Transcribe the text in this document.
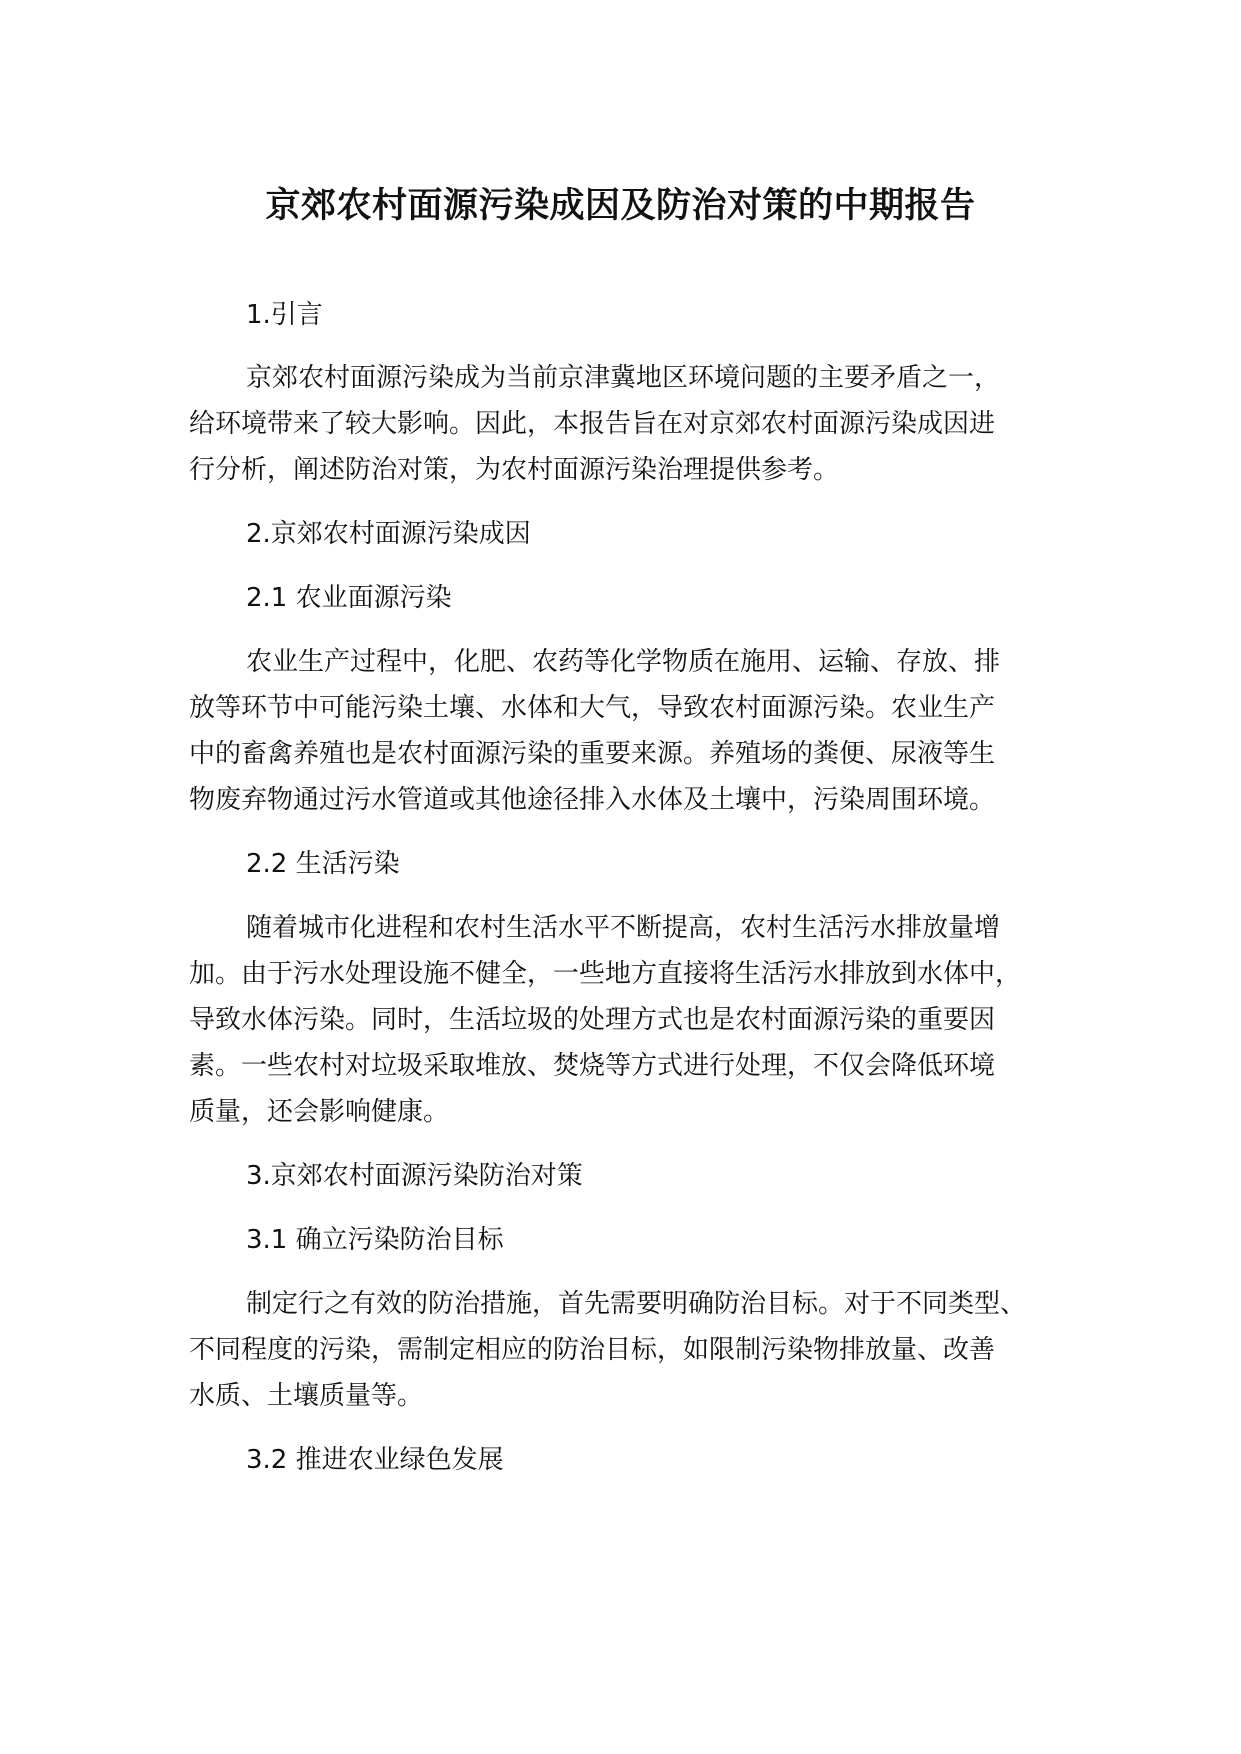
京郊农村面源污染成因及防治对策的中期报告

1.引言

京郊农村面源污染成为当前京津冀地区环境问题的主要矛盾之一，

给环境带来了较大影响。因此，本报告旨在对京郊农村面源污染成因进

行分析，阐述防治对策，为农村面源污染治理提供参考。

2.京郊农村面源污染成因

2.1 农业面源污染

农业生产过程中，化肥、农药等化学物质在施用、运输、存放、排

放等环节中可能污染土壤、水体和大气，导致农村面源污染。农业生产

中的畜禽养殖也是农村面源污染的重要来源。养殖场的粪便、尿液等生

物废弃物通过污水管道或其他途径排入水体及土壤中，污染周围环境。

2.2 生活污染

随着城市化进程和农村生活水平不断提高，农村生活污水排放量增

加。由于污水处理设施不健全，一些地方直接将生活污水排放到水体中，

导致水体污染。同时，生活垃圾的处理方式也是农村面源污染的重要因

素。一些农村对垃圾采取堆放、焚烧等方式进行处理，不仅会降低环境

质量，还会影响健康。

3.京郊农村面源污染防治对策

3.1 确立污染防治目标

制定行之有效的防治措施，首先需要明确防治目标。对于不同类型、

不同程度的污染，需制定相应的防治目标，如限制污染物排放量、改善

水质、土壤质量等。

3.2 推进农业绿色发展
